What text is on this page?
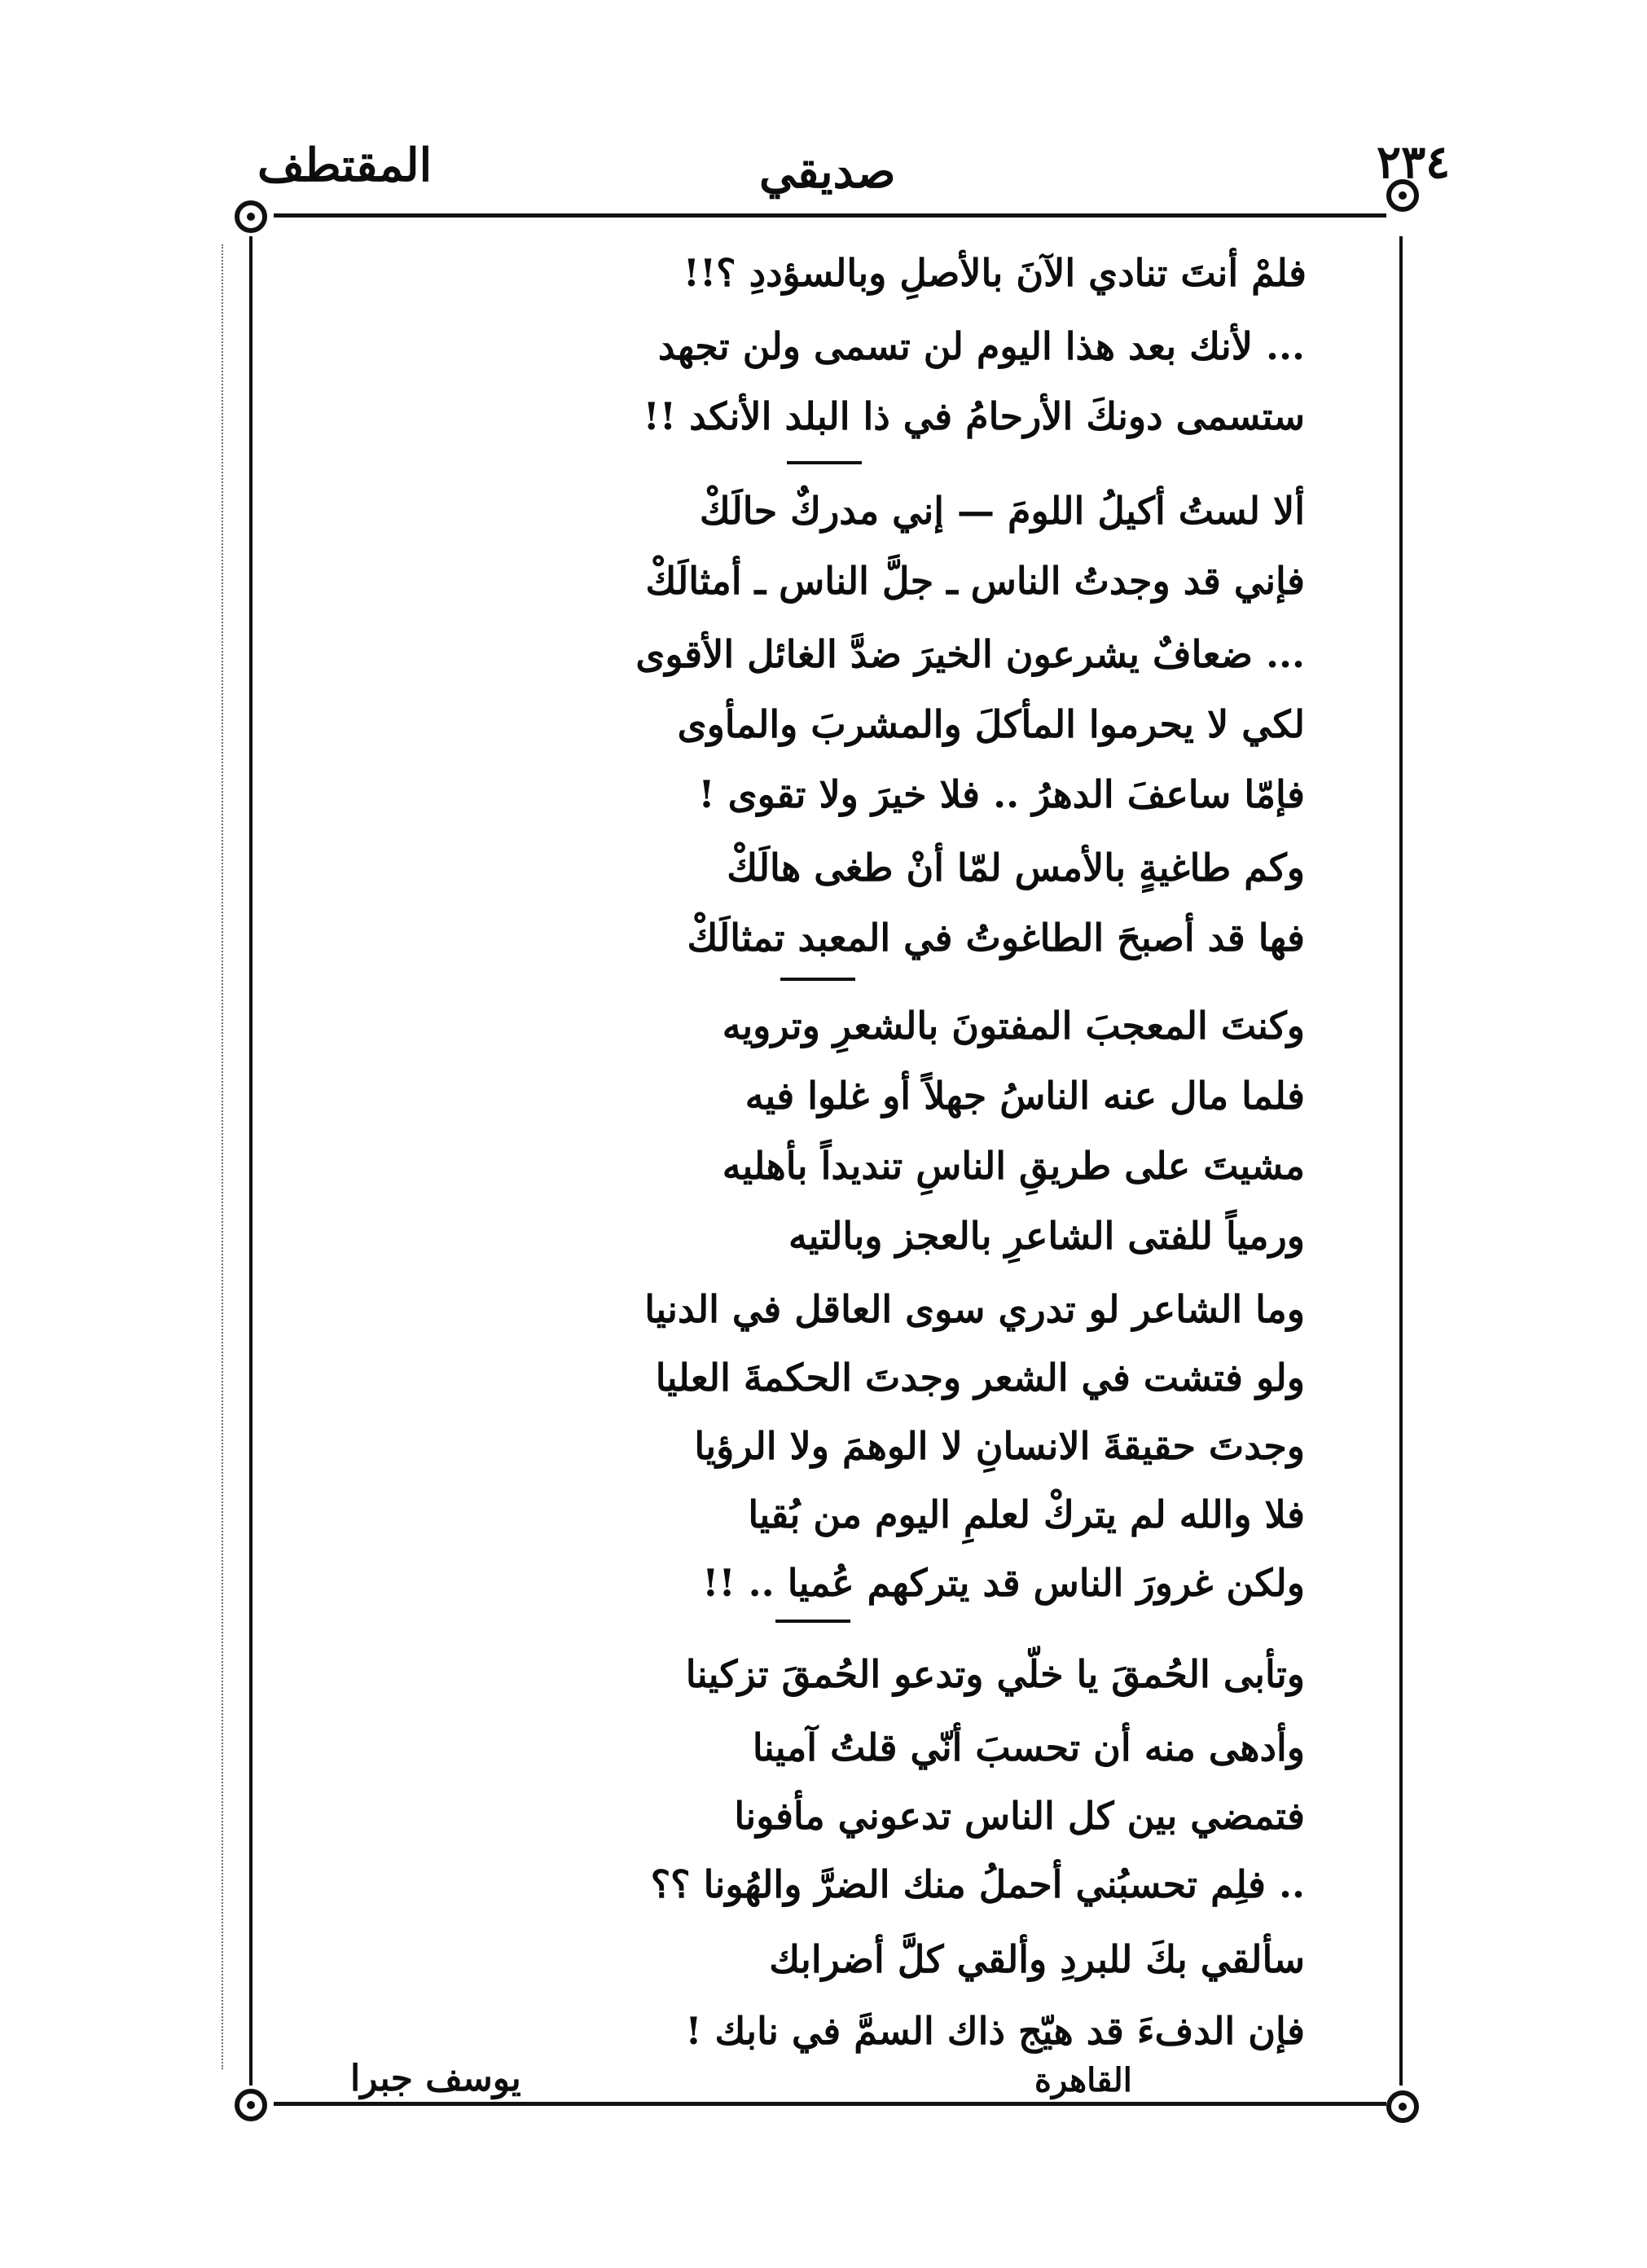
٢٣٤
صديقي
المقتطف
فلمْ أنتَ تنادي الآنَ بالأصلِ وبالسؤددِ ؟!!
... لأنك بعد هذا اليوم لن تسمى ولن تجهد
ستسمى دونكَ الأرحامُ في ذا البلد الأنكد !!
ألا لستُ أكيلُ اللومَ — إني مدركٌ حالَكْ
فإني قد وجدتُ الناس ـ جلَّ الناس ـ أمثالَكْ
... ضعافٌ يشرعون الخيرَ ضدَّ الغائل الأقوى
لكي لا يحرموا المأكلَ والمشربَ والمأوى
فإمّا ساعفَ الدهرُ .. فلا خيرَ ولا تقوى !
وكم طاغيةٍ بالأمس لمّا أنْ طغى هالَكْ
فها قد أصبحَ الطاغوتُ في المعبد تمثالَكْ
وكنتَ المعجبَ المفتونَ بالشعرِ وترويه
فلما مال عنه الناسُ جهلاً أو غلوا فيه
مشيتَ على طريقِ الناسِ تنديداً بأهليه
ورمياً للفتى الشاعرِ بالعجز وبالتيه
وما الشاعر لو تدري سوى العاقل في الدنيا
ولو فتشت في الشعر وجدتَ الحكمةَ العليا
وجدتَ حقيقةَ الانسانِ لا الوهمَ ولا الرؤيا
فلا والله لم يتركْ لعلمِ اليوم من بُقيا
ولكن غرورَ الناس قد يتركهم عُميا .. !!
وتأبى الحُمقَ يا خلّي وتدعو الحُمقَ تزكينا
وأدهى منه أن تحسبَ أنّي قلتُ آمينا
فتمضي بين كل الناس تدعوني مأفونا
.. فلِم تحسبُني أحملُ منك الضرَّ والهُونا ؟؟
سألقي بكَ للبردِ وألقي كلَّ أضرابك
فإن الدفءَ قد هيّج ذاك السمَّ في نابك !
القاهرة
يوسف جبرا
